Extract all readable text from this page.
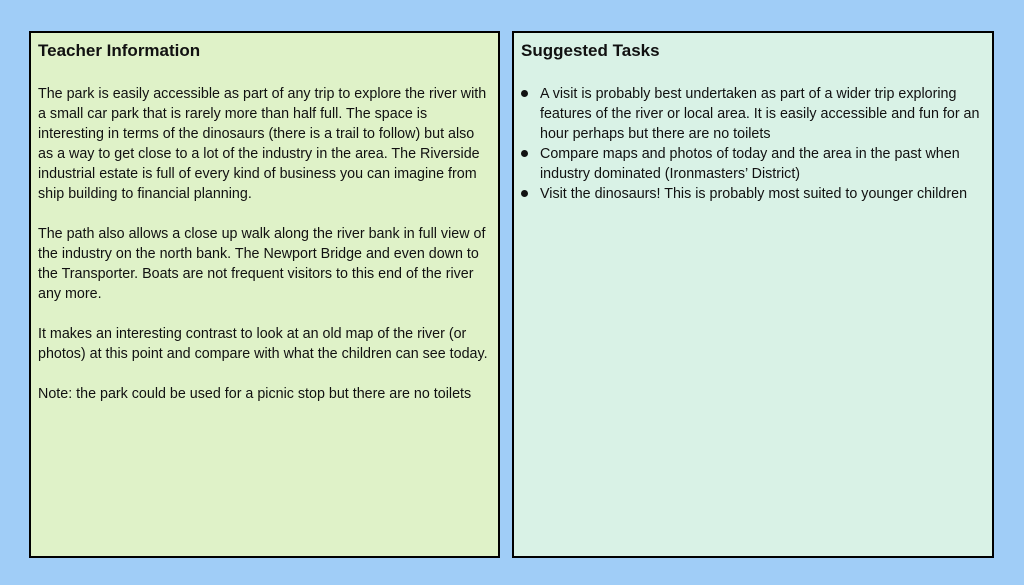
Teacher Information

The park is easily accessible as part of any trip to explore the river with a small car park that is rarely more than half full. The space is interesting in terms of the dinosaurs (there is a trail to follow) but also as a way to get close to a lot of the industry in the area. The Riverside industrial estate is full of every kind of business you can imagine from ship building to financial planning.

The path also allows a close up walk along the river bank in full view of the industry on the north bank. The Newport Bridge and even down to the Transporter. Boats are not frequent visitors to this end of the river any more.

It makes an interesting contrast to look at an old map of the river (or photos) at this point and compare with what the children can see today.

Note: the park could be used for a picnic stop but there are no toilets

Suggested Tasks
A visit is probably best undertaken as part of a wider trip exploring features of the river or local area. It is easily accessible and fun for an hour perhaps but there are no toilets
Compare maps and photos of today and the area in the past when industry dominated (Ironmasters’ District)
Visit the dinosaurs! This is probably most suited to younger children
